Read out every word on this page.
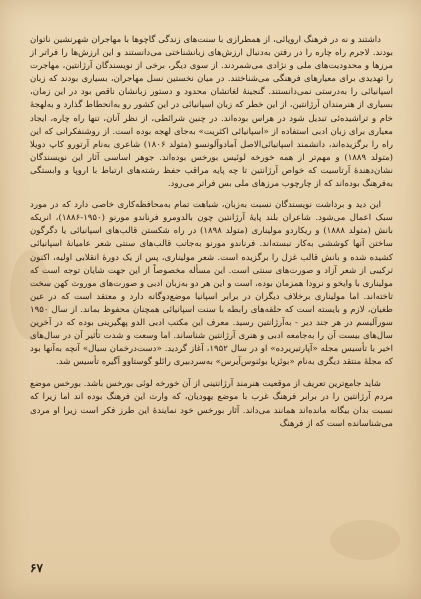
داشتند و نه در فرهنگ اروپائی، از همطرازی با سنت‌های زندگی گاچوها با مهاجران شهرنشین ناتوان بودند. لاجرم راه چاره را در رفتن به‌دنبال ارزش‌های زبانشناختی می‌دانستند و این ارزش‌ها را فراتر از مرزها و محدودیت‌های ملی و نژادی می‌شمردند. از سوی دیگر، برخی از نویسندگان آرژانتین، مهاجرت را تهدیدی برای معیارهای فرهنگی می‌شناختند. در میان نخستین نسل مهاجران، بسیاری بودند که زبان اسپانیائی را به‌درستی نمی‌دانستند. گنجینهٔ لغاتشان محدود و دستور زبانشان ناقص بود در این زمان، بسیاری از هنرمندان آرژانتین، از این خطر که زبان اسپانیائی در این کشور رو به‌انحطاط گذارد و به‌لهجهٔ خام و تراشیده‌ئی تبدیل شود در هراس بوده‌اند. در چنین شرائطی، از نظر آنان، تنها راه چاره، ایجاد معیاری برای زبان ادبی استفاده از «اسپانیائی اکثریت» به‌جای لهجه بوده است. از روشنفکرانی که این راه را برگزیده‌اند، دانشمند اسپانیائی‌الاصل آمادوآلونسو (متولد ۱۸۰۶) شاعری به‌نام آرتورو کاپ دویلا (متولد ۱۸۸۹) و مهم‌تر از همه خورخه لوئیس بورخس بوده‌اند. جوهر اساسی آثار این نویسندگان نشان‌دهندهٔ آرتاسیت که خواص آرژانتین تا چه پایه مراقب حفظ رشته‌های ارتباط با اروپا و وابستگی به‌فرهنگ بوده‌اند که از چارچوب مرزهای ملی بس فراتر می‌رود.

این دید و برداشت نویسندگان نسبت به‌زبان، شباهت تمام به‌محافظه‌کاری خاصی دارد که در مورد سبک اعمال می‌شود. شاعران بلند پایهٔ آرژانتین چون بالدومرو فرناندو مورنو (۱۹۵۰-۱۸۸۶)، انریکه بانش (متولد ۱۸۸۸) و ریکاردو مولیناری (متولد ۱۸۹۸) در راه شکستن قالب‌های اسپانیائی یا دگرگون ساختن آنها کوششی به‌کار نبسته‌اند. فرناندو مورنو به‌جانب قالب‌های سنتی شعر عامیانهٔ اسپانیائی کشیده شده و بانش قالب غزل را برگزیده است. شعر مولیناری، پس از یک دورهٔ انقلابی اولیه، اکنون ترکیبی از شعر آزاد و صورت‌های سنتی است. این مسأله مخصوصاً از این جهت شایان توجه است که مولیناری با وایخو و نرودا همزمان بوده، است و این هر دو به‌زبان ادبی و صورت‌های موروث کهن سخت تاخته‌اند. اما مولیناری برخلاف دیگران در برابر اسپانیا موضع‌دوگانه دارد و معتقد است که در عین طغیان، لازم و بایسته است که حلقه‌های رابطه با سنت اسپانیائی همچنان محفوظ بماند. از سال ۱۹۵۰ سورآلیسم در هر جند دیر - به‌آرژانتین رسید. معرف این مکتب ادبی الدو پهگیرینی بوده که در آخرین سال‌های بیست آن را به‌جامعه ادبی و هنری آرژانتین شناساند. اما وسعت و شدت تأثیر آن در سال‌های اخیر با تأسیس مجله «آپارتیریرده» او در سال ۱۹۵۲، آغاز گردید. «دست‌درخمان سیال» آنچه به‌آنها بود که مجلهٔ منتقد دیگری به‌نام «بوئزیا بوئنوس‌آیرس» به‌سردبیری رائلو گوستاوو آگیره تأسیس شد.

شاید جامع‌ترین تعریف از موقعیت هنرمند آرژانتینی از آن خورخه لوئی بورخس باشد. بورخس موضع مردم آرژانتین را در برابر فرهنگ غرب با موضع یهودیان، که وارث این فرهنگ بوده اند اما زیرا که نسبت بدان بیگانه مانده‌اند همانند می‌داند. آثار بورخس خود نمایندهٔ این طرز فکر است زیرا او مردی می‌شناسانده است که از فرهنگ

۶۷
